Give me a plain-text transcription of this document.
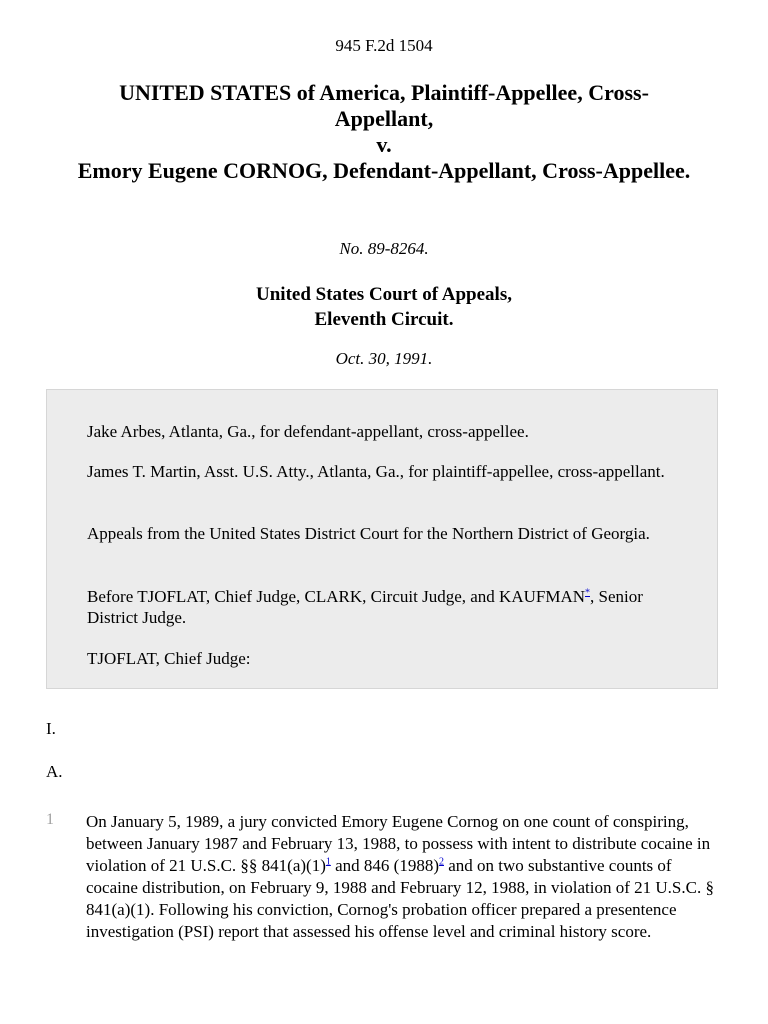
945 F.2d 1504
UNITED STATES of America, Plaintiff-Appellee, Cross-Appellant,
v.
Emory Eugene CORNOG, Defendant-Appellant, Cross-Appellee.
No. 89-8264.
United States Court of Appeals,
Eleventh Circuit.
Oct. 30, 1991.

Jake Arbes, Atlanta, Ga., for defendant-appellant, cross-appellee.

James T. Martin, Asst. U.S. Atty., Atlanta, Ga., for plaintiff-appellee, cross-appellant.

Appeals from the United States District Court for the Northern District of Georgia.

Before TJOFLAT, Chief Judge, CLARK, Circuit Judge, and KAUFMAN*, Senior District Judge.

TJOFLAT, Chief Judge:

I.
A.
1 On January 5, 1989, a jury convicted Emory Eugene Cornog on one count of conspiring, between January 1987 and February 13, 1988, to possess with intent to distribute cocaine in violation of 21 U.S.C. §§ 841(a)(1)$^1$ and 846 (1988)$^2$ and on two substantive counts of cocaine distribution, on February 9, 1988 and February 12, 1988, in violation of 21 U.S.C. § 841(a)(1). Following his conviction, Cornog's probation officer prepared a presentence investigation (PSI) report that assessed his offense level and criminal history score.
